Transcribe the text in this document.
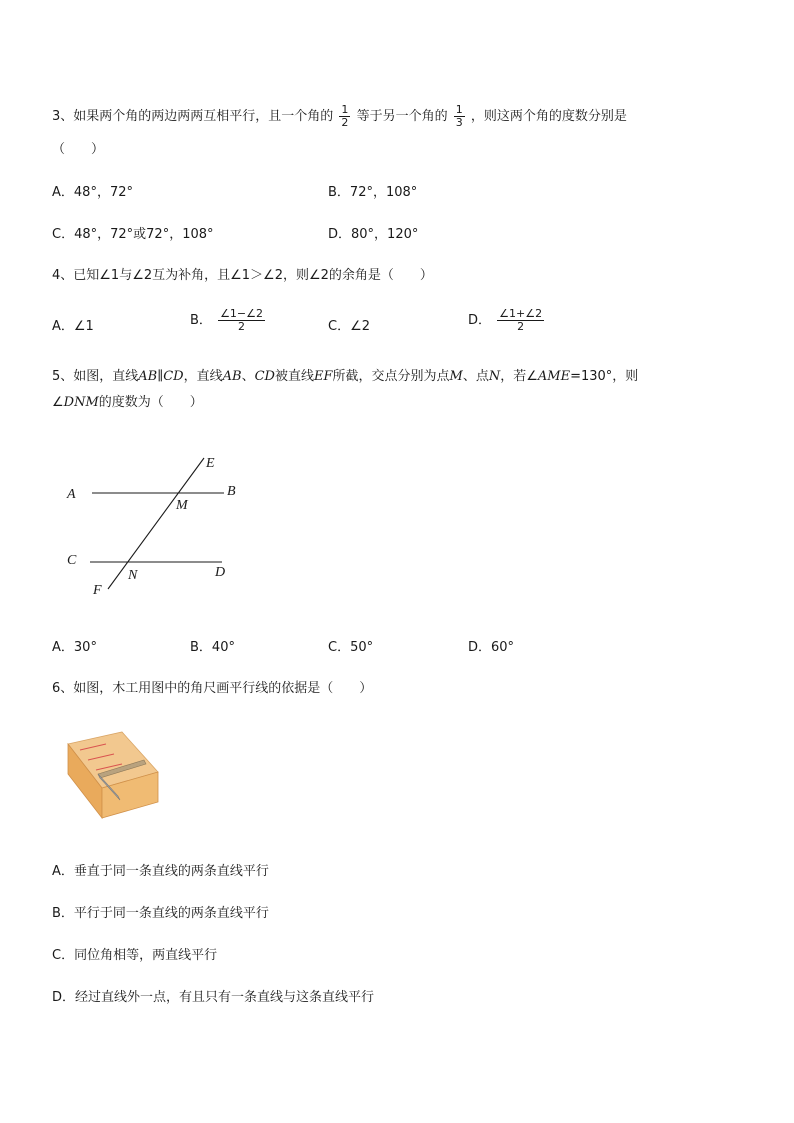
3、如果两个角的两边两两互相平行，且一个角的 $\frac{1}{2}$ 等于另一个角的 $\frac{1}{3}$ ，则这两个角的度数分别是
（　　）
A．48°，72°	B．72°，108°
C．48°，72°或72°，108°	D．80°，120°
4、已知∠1与∠2互为补角，且∠1＞∠2，则∠2的余角是（　　）
A．∠1	B． $\frac{\angle 1-\angle 2}{2}$	C．∠2	D． $\frac{\angle 1+\angle 2}{2}$
5、如图，直线AB∥CD，直线AB、CD被直线EF所截，交点分别为点M、点N，若∠AME=130°，则
∠DNM的度数为（　　）
A	B
C
D
E
F
M
N
A．30°	B．40°	C．50°	D．60°
6、如图，木工用图中的角尺画平行线的依据是（　　）
A．垂直于同一条直线的两条直线平行
B．平行于同一条直线的两条直线平行
C．同位角相等，两直线平行
D．经过直线外一点，有且只有一条直线与这条直线平行
